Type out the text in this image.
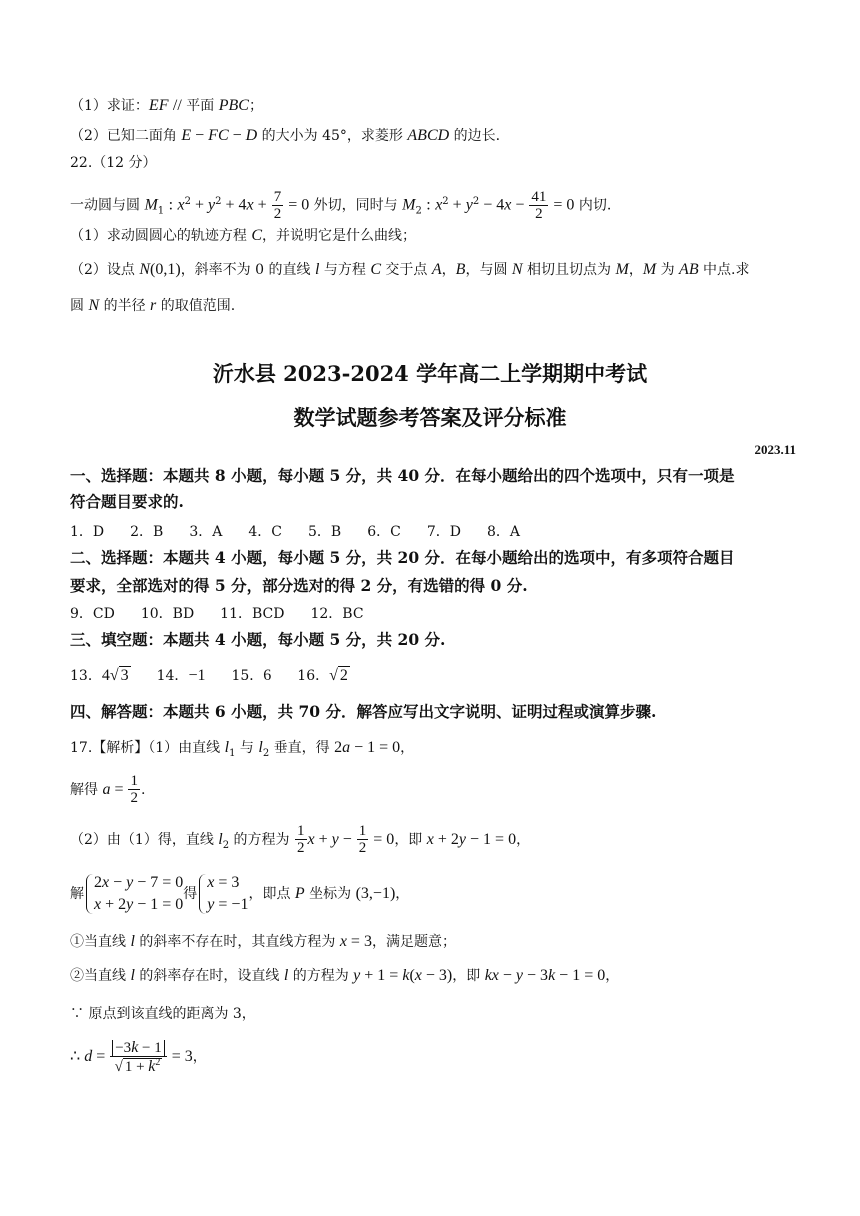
（1）求证：EF // 平面 PBC；
（2）已知二面角 E − FC − D 的大小为 45°，求菱形 ABCD 的边长.
22.（12 分）
一动圆与圆 $M_1$ : $x^2 + y^2 + 4x + \frac{7}{2} = 0$ 外切，同时与 $M_2$ : $x^2 + y^2 - 4x - \frac{41}{2} = 0$ 内切.
（1）求动圆圆心的轨迹方程 C，并说明它是什么曲线；
（2）设点 N(0,1)，斜率不为 0 的直线 l 与方程 C 交于点 A，B，与圆 N 相切且切点为 M，M 为 AB 中点.求
圆 N 的半径 r 的取值范围.
沂水县 2023-2024 学年高二上学期期中考试
数学试题参考答案及评分标准
2023.11
一、选择题：本题共 8 小题，每小题 5 分，共 40 分．在每小题给出的四个选项中，只有一项是
符合题目要求的.
1．D 2．B 3．A 4．C 5．B 6．C 7．D 8．A
二、选择题：本题共 4 小题，每小题 5 分，共 20 分．在每小题给出的选项中，有多项符合题目
要求，全部选对的得 5 分，部分选对的得 2 分，有选错的得 0 分.
9．CD 10．BD 11．BCD 12．BC
三、填空题：本题共 4 小题，每小题 5 分，共 20 分.
13．4√ 3 14．−1 15．6 16．√ 2
四、解答题：本题共 6 小题，共 70 分．解答应写出文字说明、证明过程或演算步骤.
17.【解析】（1）由直线 $l_1$ 与 $l_2$ 垂直，得 2a − 1 = 0，
解得 $a = \frac{1}{2}$ .
（2）由（1）得，直线 $l_2$ 的方程为 $\frac{1}{2}$ $x + y - \frac{1}{2} = 0$，即 x + 2y − 1 = 0，
解
2x − y − 7 = 0
x + 2y − 1 = 0
得
x = 3
y = −1
，即点 P 坐标为 (3,−1)，
①当直线 l 的斜率不存在时，其直线方程为 x = 3，满足题意；
②当直线 l 的斜率存在时，设直线 l 的方程为 y + 1 = k(x − 3)，即 kx − y − 3k − 1 = 0，
∵ 原点到该直线的距离为 3，
∴ $d = \frac{-3k - 1}{√ 1 + k^2} = 3$，
